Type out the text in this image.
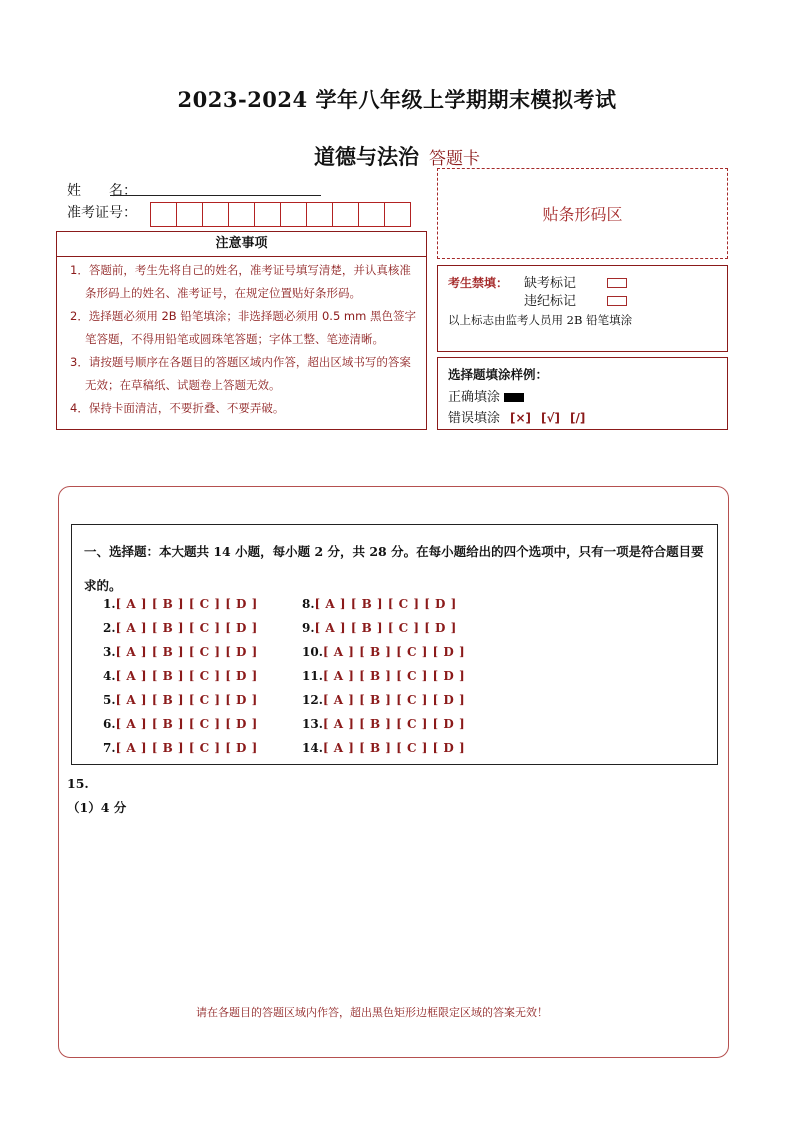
2023-2024 学年八年级上学期期末模拟考试
道德与法治 答题卡
姓　　名：
准考证号：	贴条形码区
注意事项
1．答题前，考生先将自己的姓名，准考证号填写清楚，并认真核准条形码上的姓名、准考证号，在规定位置贴好条形码。
2．选择题必须用 2B 铅笔填涂；非选择题必须用 0.5 mm 黑色签字笔答题，不得用铅笔或圆珠笔答题；字体工整、笔迹清晰。
3．请按题号顺序在各题目的答题区域内作答，超出区域书写的答案无效；在草稿纸、试题卷上答题无效。
4．保持卡面清洁，不要折叠、不要弄破。
考生禁填： 缺考标记
违纪标记
以上标志由监考人员用 2B 铅笔填涂
选择题填涂样例：
正确填涂
错误填涂 [×] [√] [/]
一、选择题：本大题共 14 小题，每小题 2 分，共 28 分。在每小题给出的四个选项中，只有一项是符合题目要求的。
1.[ A ] [ B ] [ C ] [ D ]
2.[ A ] [ B ] [ C ] [ D ]
3.[ A ] [ B ] [ C ] [ D ]
4.[ A ] [ B ] [ C ] [ D ]
5.[ A ] [ B ] [ C ] [ D ]
6.[ A ] [ B ] [ C ] [ D ]
7.[ A ] [ B ] [ C ] [ D ]
8.[ A ] [ B ] [ C ] [ D ]
9.[ A ] [ B ] [ C ] [ D ]
10.[ A ] [ B ] [ C ] [ D ]
11.[ A ] [ B ] [ C ] [ D ]
12.[ A ] [ B ] [ C ] [ D ]
13.[ A ] [ B ] [ C ] [ D ]
14.[ A ] [ B ] [ C ] [ D ]
15.
（1）4 分
请在各题目的答题区域内作答，超出黑色矩形边框限定区域的答案无效！
